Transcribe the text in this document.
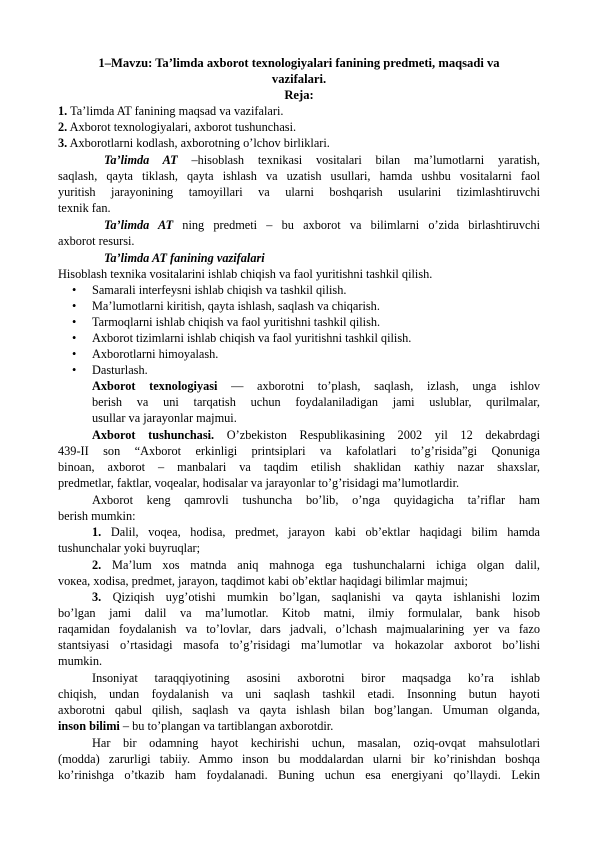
1–Mavzu: Ta’limda axborot texnologiyalari fanining predmeti, maqsadi va
vazifalari.
Reja:
1. Ta’limda AT fanining maqsad va vazifalari.
2. Axborot texnologiyalari, axborot tushunchasi.
3. Axborotlarni kodlash, axborotning o’lchov birliklari.
Ta’limda AT –hisoblash texnikasi vositalari bilan ma’lumotlarni yaratish,
saqlash, qayta tiklash, qayta ishlash va uzatish usullari, hamda ushbu vositalarni faol
yuritish jarayonining tamoyillari va ularni boshqarish usularini tizimlashtiruvchi
texnik fan.
Ta’limda AT ning predmeti – bu axborot va bilimlarni o’zida birlashtiruvchi
axborot resursi.
Ta’limda AT fanining vazifalari
Hisoblash texnika vositalarini ishlab chiqish va faol yuritishni tashkil qilish.
•	Samarali interfeysni ishlab chiqish va tashkil qilish.
•	Ma’lumotlarni kiritish, qayta ishlash, saqlash va chiqarish.
•	Tarmoqlarni ishlab chiqish va faol yuritishni tashkil qilish.
•	Axborot tizimlarni ishlab chiqish va faol yuritishni tashkil qilish.
•	Axborotlarni himoyalash.
•	Dasturlash.
Axborot texnologiyasi — axborotni to’plash, saqlash, izlash, unga ishlov
berish va uni tarqatish uchun foydalaniladigan jami uslublar, qurilmalar,
usullar va jarayonlar majmui.
Axborot tushunchasi. O’zbekiston Respublikasining 2002 yil 12 dekabrdagi
439-II son “Axborot erkinligi printsiplari va kafolatlari to’g’risida”gi Qonuniga
binoan, axborot – manbalari va taqdim etilish shaklidan кathiy nazar shaxslar,
predmetlar, faktlar, voqealar, hodisalar va jarayonlar to’g’risidagi ma’lumotlardir.
Axborot keng qamrovli tushuncha bo’lib, o’nga quyidagicha ta’riflar ham
berish mumkin:
1. Dalil, voqea, hodisa, predmet, jarayon kabi ob’ektlar haqidagi bilim hamda
tushunchalar yoki buyruqlar;
2. Ma’lum xos matnda aniq mahnoga ega tushunchalarni ichiga olgan dalil,
voкea, xodisa, predmet, jarayon, taqdimot kabi ob’ektlar haqidagi bilimlar majmui;
3. Qiziqish uyg’otishi mumkin bo’lgan, saqlanishi va qayta ishlanishi lozim
bo’lgan jami dalil va ma’lumotlar. Kitob matni, ilmiy formulalar, bank hisob
raqamidan foydalanish va to’lovlar, dars jadvali, o’lchash majmualarining yer va fazo
stantsiyasi o’rtasidagi masofa to’g’risidagi ma’lumotlar va hokazolar axborot bo’lishi
mumkin.
Insoniyat taraqqiyotining asosini axborotni biror maqsadga ko’ra ishlab
chiqish, undan foydalanish va uni saqlash tashkil etadi. Insonning butun hayoti
axborotni qabul qilish, saqlash va qayta ishlash bilan bog’langan. Umuman olganda,
inson bilimi – bu to’plangan va tartiblangan axborotdir.
Har bir odamning hayot kechirishi uchun, masalan, oziq-ovqat mahsulotlari
(modda) zarurligi tabiiy. Ammo inson bu moddalardan ularni bir ko’rinishdan boshqa
ko’rinishga o’tkazib ham foydalanadi. Buning uchun esa energiyani qo’llaydi. Lekin
